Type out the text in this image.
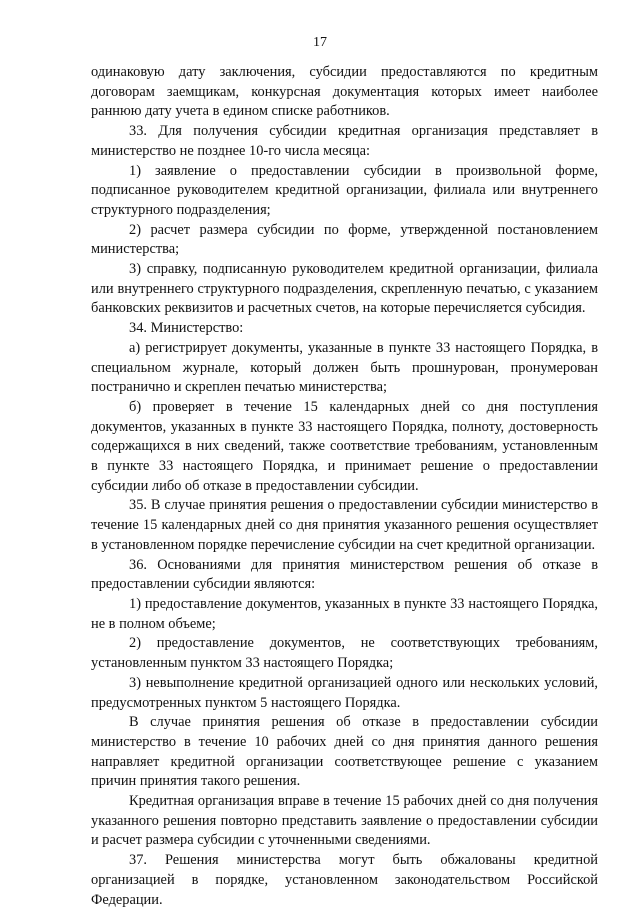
17

одинаковую дату заключения, субсидии предоставляются по кредитным договорам заемщикам, конкурсная документация которых имеет наиболее раннюю дату учета в едином списке работников.

33. Для получения субсидии кредитная организация представляет в министерство не позднее 10-го числа месяца:

1) заявление о предоставлении субсидии в произвольной форме, подписанное руководителем кредитной организации, филиала или внутреннего структурного подразделения;

2) расчет размера субсидии по форме, утвержденной постановлением министерства;

3) справку, подписанную руководителем кредитной организации, филиала или внутреннего структурного подразделения, скрепленную печатью, с указанием банковских реквизитов и расчетных счетов, на которые перечисляется субсидия.

34. Министерство:

а) регистрирует документы, указанные в пункте 33 настоящего Порядка, в специальном журнале, который должен быть прошнурован, пронумерован постранично и скреплен печатью министерства;

б) проверяет в течение 15 календарных дней со дня поступления документов, указанных в пункте 33 настоящего Порядка, полноту, достоверность содержащихся в них сведений, также соответствие требованиям, установленным в пункте 33 настоящего Порядка, и принимает решение о предоставлении субсидии либо об отказе в предоставлении субсидии.

35. В случае принятия решения о предоставлении субсидии министерство в течение 15 календарных дней со дня принятия указанного решения осуществляет в установленном порядке перечисление субсидии на счет кредитной организации.

36. Основаниями для принятия министерством решения об отказе в предоставлении субсидии являются:

1) предоставление документов, указанных в пункте 33 настоящего Порядка, не в полном объеме;

2) предоставление документов, не соответствующих требованиям, установленным пунктом 33 настоящего Порядка;

3) невыполнение кредитной организацией одного или нескольких условий, предусмотренных пунктом 5 настоящего Порядка.

В случае принятия решения об отказе в предоставлении субсидии министерство в течение 10 рабочих дней со дня принятия данного решения направляет кредитной организации соответствующее решение с указанием причин принятия такого решения.

Кредитная организация вправе в течение 15 рабочих дней со дня получения указанного решения повторно представить заявление о предоставлении субсидии и расчет размера субсидии с уточненными сведениями.

37. Решения министерства могут быть обжалованы кредитной организацией в порядке, установленном законодательством Российской Федерации.
